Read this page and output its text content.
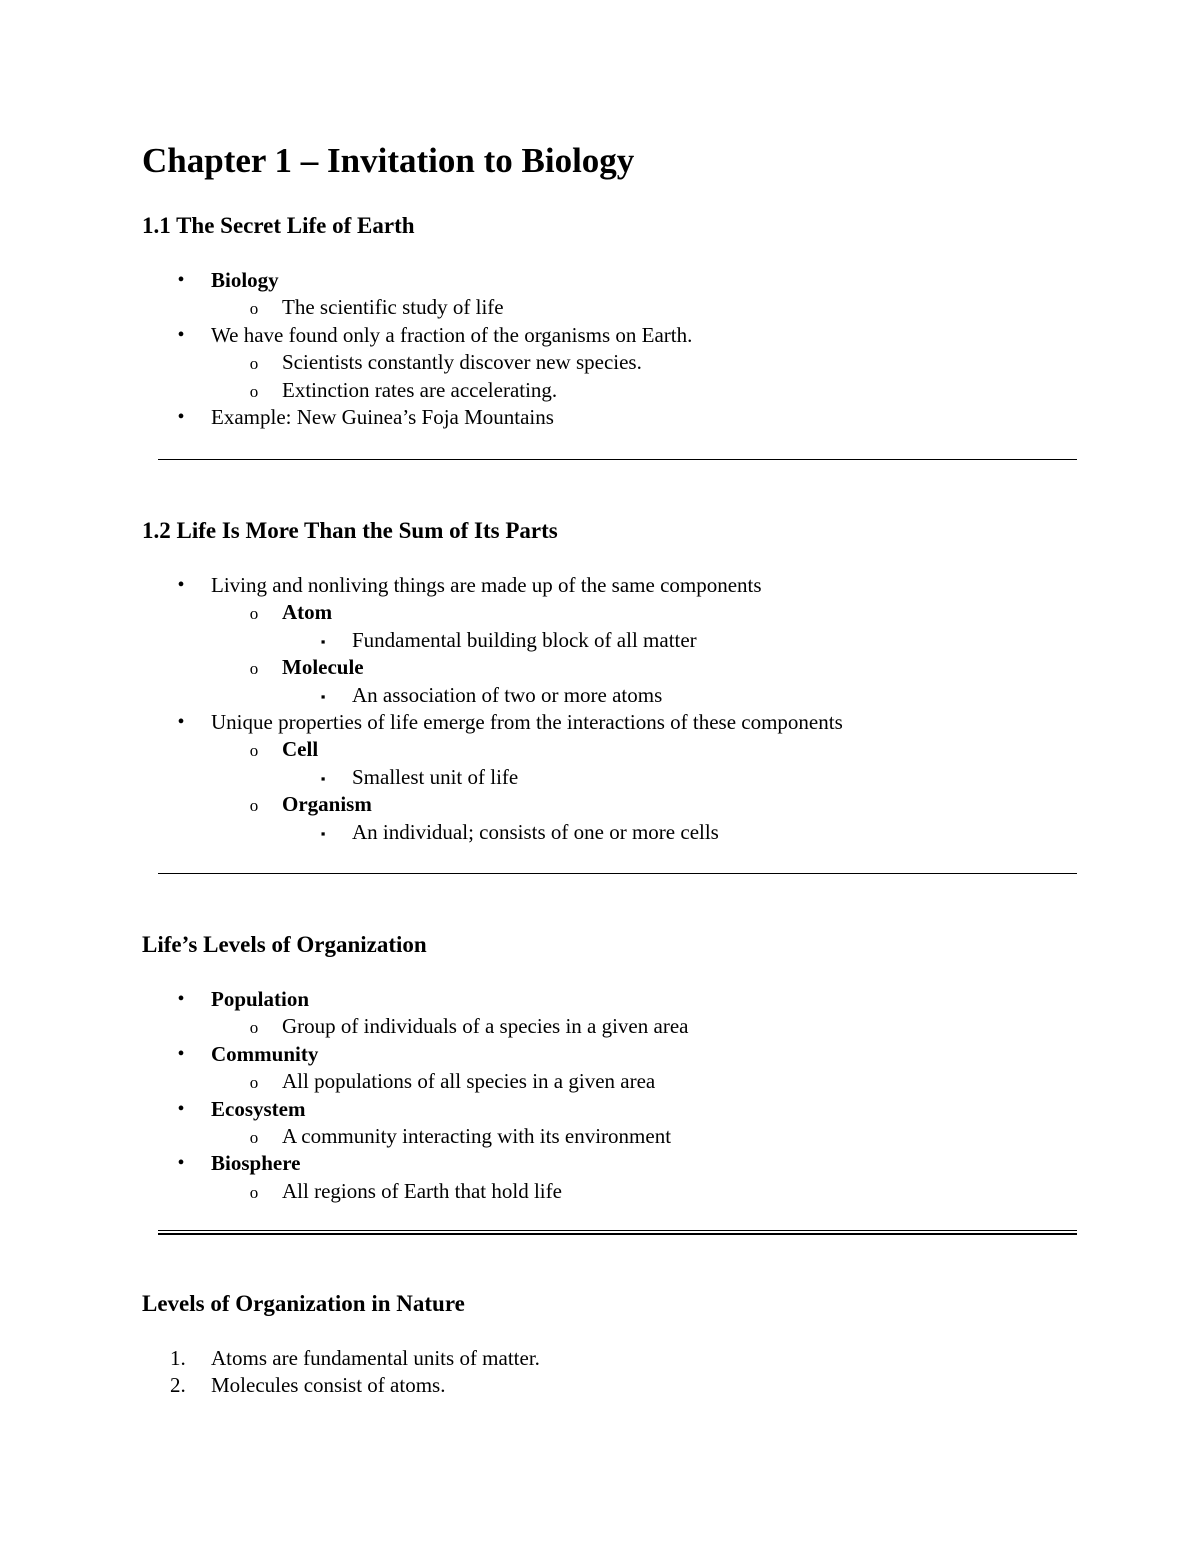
Chapter 1 – Invitation to Biology
1.1 The Secret Life of Earth
•	Biology
o	The scientific study of life
•	We have found only a fraction of the organisms on Earth.
o	Scientists constantly discover new species.
o	Extinction rates are accelerating.
•	Example: New Guinea’s Foja Mountains
1.2 Life Is More Than the Sum of Its Parts
•	Living and nonliving things are made up of the same components
o	Atom
▪	Fundamental building block of all matter
o	Molecule
▪	An association of two or more atoms
•	Unique properties of life emerge from the interactions of these components
o	Cell
▪	Smallest unit of life
o	Organism
▪	An individual; consists of one or more cells
Life’s Levels of Organization
•	Population
o	Group of individuals of a species in a given area
•	Community
o	All populations of all species in a given area
•	Ecosystem
o	A community interacting with its environment
•	Biosphere
o	All regions of Earth that hold life
Levels of Organization in Nature
1.	Atoms are fundamental units of matter.
2.	Molecules consist of atoms.
